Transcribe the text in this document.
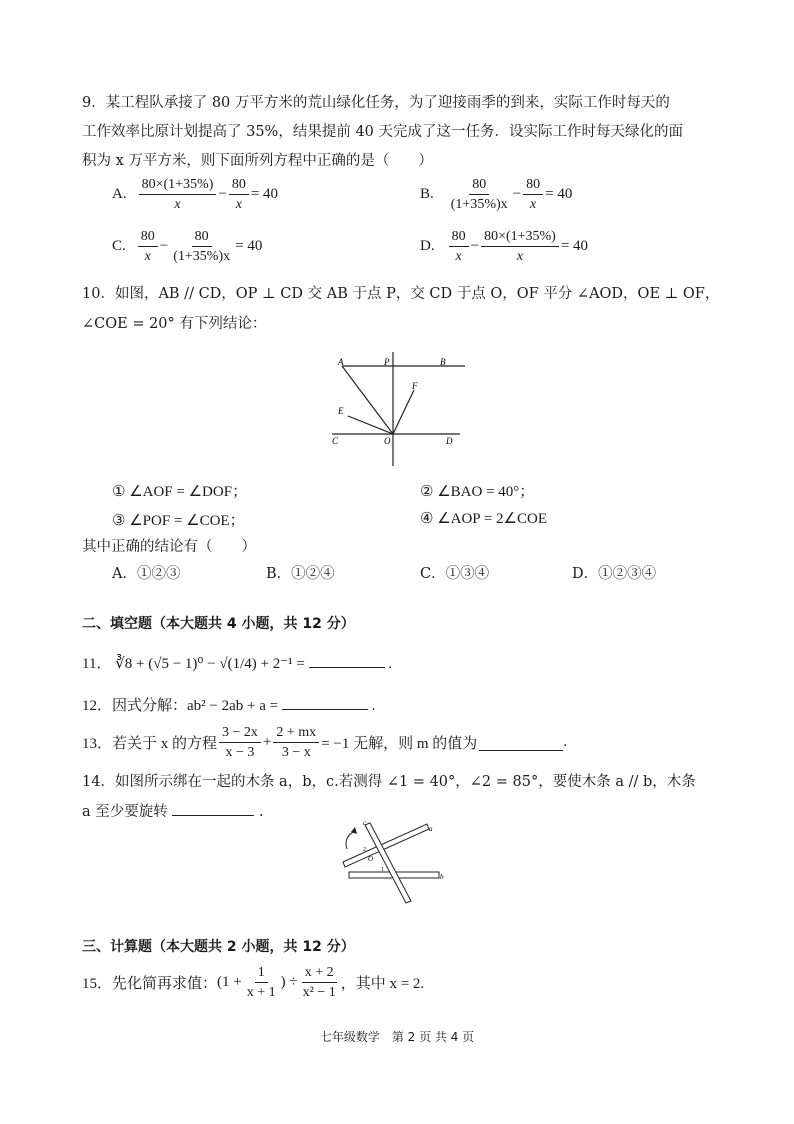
9．某工程队承接了 80 万平方米的荒山绿化任务，为了迎接雨季的到来，实际工作时每天的
工作效率比原计划提高了 35%，结果提前 40 天完成了这一任务．设实际工作时每天绿化的面
积为 x 万平方米，则下面所列方程中正确的是（　　）
A. $\frac{80\times(1+35\%)}{x} - \frac{80}{x} = 40$	B. $\frac{80}{(1+35\%)x} - \frac{80}{x} = 40$
C. $\frac{80}{x} - \frac{80}{(1+35\%)x} = 40$	D. $\frac{80}{x} - \frac{80\times(1+35\%)}{x} = 40$
10．如图，AB // CD，OP ⊥ CD 交 AB 于点 P，交 CD 于点 O，OF 平分 ∠AOD，OE ⊥ OF，
∠COE = 20° 有下列结论：
A	P	B
F
E
C	O	D
① ∠AOF = ∠DOF；	② ∠BAO = 40°；
③ ∠POF = ∠COE；	④ ∠AOP = 2∠COE
其中正确的结论有（　　）
A．①②③	B．①②④	C．①③④	D．①②③④
二、填空题（本大题共 4 小题，共 12 分）
11． ∛8 + (√5 − 1)⁰ − √(1/4) + 2⁻¹ =	.
12．因式分解：ab² − 2ab + a =	.
13．若关于 x 的方程 $\frac{3 - 2x}{x - 3} + \frac{2 + mx}{3 - x} = -1$ 无解，则 m 的值为	.
14．如图所示绑在一起的木条 a，b，c.若测得 ∠1 = 40°，∠2 = 85°，要使木条 a // b，木条
a 至少要旋转	.
c
a
b
O
2
1
三、计算题（本大题共 2 小题，共 12 分）
15．先化简再求值： ($1 + \frac{1}{x + 1}$ ) ÷ $\frac{x + 2}{\text{x² − 1}}$ ，其中 x = 2.
七年级数学　第 2 页 共 4 页
